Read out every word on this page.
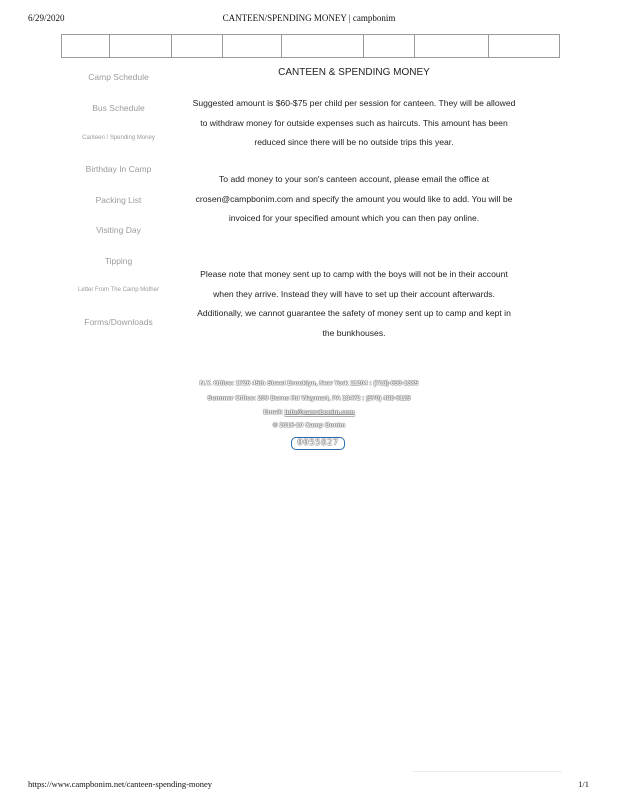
6/29/2020	CANTEEN/SPENDING MONEY | campbonim
Camp Schedule
Bus Schedule
Canteen / Spending Money
Birthday In Camp
Packing List
Visiting Day
Tipping
Letter From The Camp Mother
Forms/Downloads
CANTEEN & SPENDING MONEY
Suggested amount is $60-$75 per child per session for canteen. They will be allowed
to withdraw money for outside expenses such as haircuts. This amount has been
reduced since there will be no outside trips this year.
To add money to your son's canteen account, please email the office at
crosen@campbonim.com and specify the amount you would like to add. You will be
invoiced for your specified amount which you can then pay online.
Please note that money sent up to camp with the boys will not be in their account
when they arrive. Instead they will have to set up their account afterwards.
Additionally, we cannot guarantee the safety of money sent up to camp and kept in
the bunkhouses.
N.Y. Office: 1726 45th Street Brooklyn, New York 11204 : (718)-633-1385
Summer Office: 209 Burns Rd Waymart, PA 18472 : (570) 488-6125
Email: info@campbonim.com
© 2016-19 Camp Bonim
0055827
https://www.campbonim.net/canteen-spending-money	1/1
